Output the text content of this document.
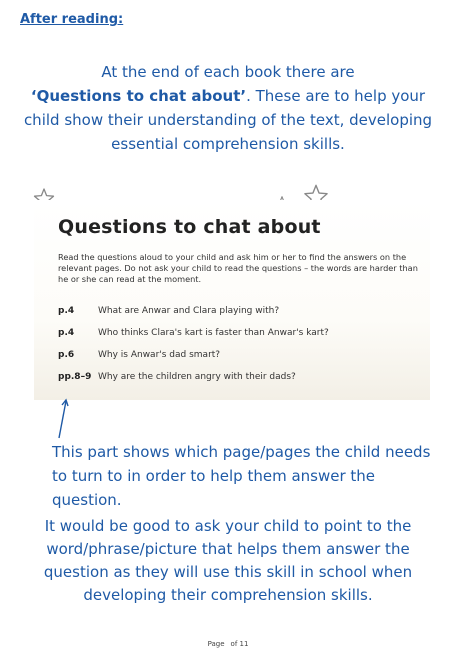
After reading:
At the end of each book there are
‘Questions to chat about’. These are to help your child show their understanding of the text, developing essential comprehension skills.
Questions to chat about
Read the questions aloud to your child and ask him or her to find the answers on the relevant pages. Do not ask your child to read the questions – the words are harder than he or she can read at the moment.
p.4	What are Anwar and Clara playing with?
p.4	Who thinks Clara's kart is faster than Anwar's kart?
p.6	Why is Anwar's dad smart?
pp.8–9 Why are the children angry with their dads?
This part shows which page/pages the child needs to turn to in order to help them answer the question.
It would be good to ask your child to point to the word/phrase/picture that helps them answer the question as they will use this skill in school when developing their comprehension skills.
Page of 11
